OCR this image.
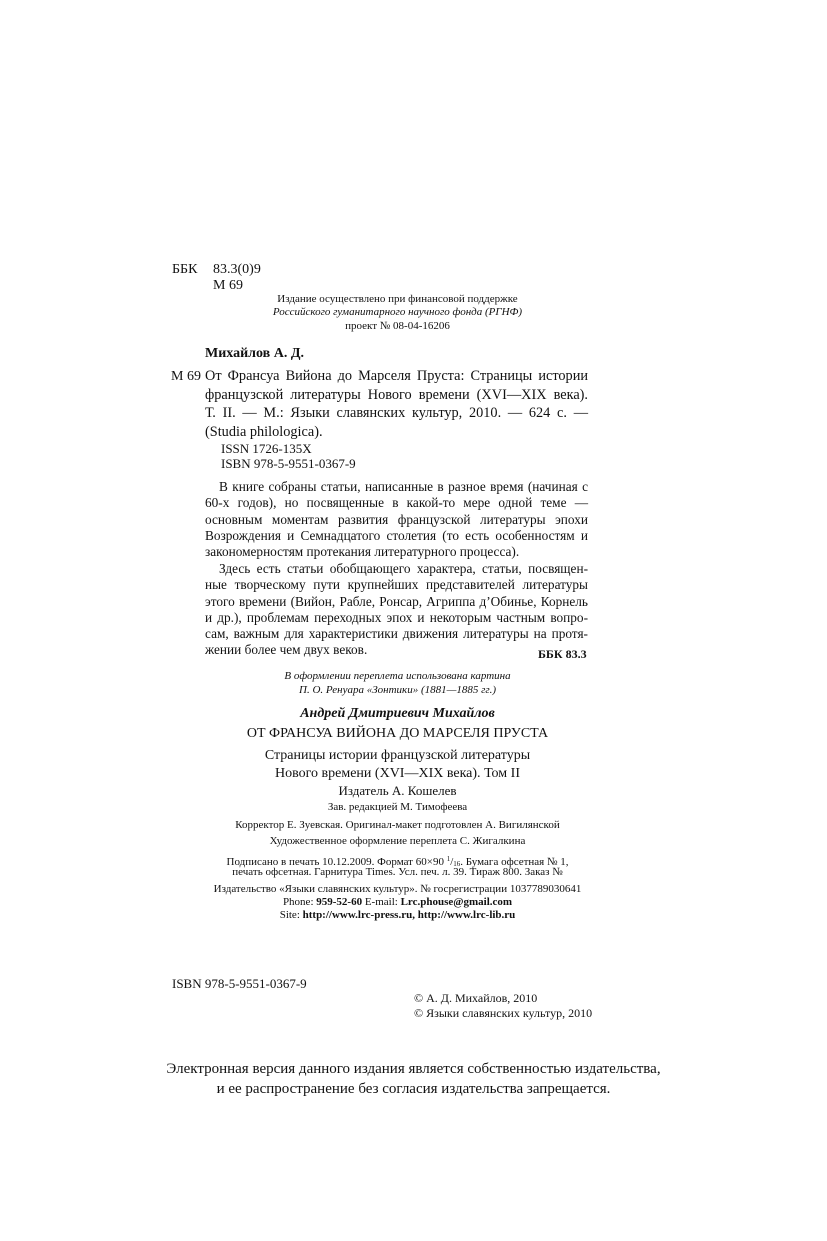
ББК 83.3(0)9
М 69
Издание осуществлено при финансовой поддержке
Российского гуманитарного научного фонда (РГНФ)
проект № 08-04-16206
Михайлов А. Д.
М 69 От Франсуа Вийона до Марселя Пруста: Страницы истории
французской литературы Нового времени (XVI—XIX века).
Т. II. — М.: Языки славянских культур, 2010. — 624 с. —
(Studia philologica).
ISSN 1726-135X
ISBN 978-5-9551-0367-9
В книге собраны статьи, написанные в разное время (начиная с
60-х годов), но посвященные в какой-то мере одной теме —
основным моментам развития французской литературы эпохи
Возрождения и Семнадцатого столетия (то есть особенностям и
закономерностям протекания литературного процесса).
Здесь есть статьи обобщающего характера, статьи, посвящен-
ные творческому пути крупнейших представителей литературы
этого времени (Вийон, Рабле, Ронсар, Агриппа д’Обинье, Корнель
и др.), проблемам переходных эпох и некоторым частным вопро-
сам, важным для характеристики движения литературы на протя-
жении более чем двух веков.	ББК 83.3
В оформлении переплета использована картина
П. О. Ренуара «Зонтики» (1881—1885 гг.)
Андрей Дмитриевич Михайлов
ОТ ФРАНСУА ВИЙОНА ДО МАРСЕЛЯ ПРУСТА
Страницы истории французской литературы
Нового времени (XVI—XIX века). Том II
Издатель А. Кошелев
Зав. редакцией М. Тимофеева
Корректор Е. Зуевская. Оригинал-макет подготовлен А. Вигилянской
Художественное оформление переплета С. Жигалкина
Подписано в печать 10.12.2009. Формат 60×90 $^1/_{16}$. Бумага офсетная № 1,
печать офсетная. Гарнитура Times. Усл. печ. л. 39. Тираж 800. Заказ №
Издательство «Языки славянских культур». № госрегистрации 1037789030641
Phone: 959-52-60 E-mail: Lrc.phouse@gmail.com
Site: http://www.lrc-press.ru, http://www.lrc-lib.ru
ISBN 978-5-9551-0367-9
© А. Д. Михайлов, 2010
© Языки славянских культур, 2010
Электронная версия данного издания является собственностью издательства,
и ее распространение без согласия издательства запрещается.
